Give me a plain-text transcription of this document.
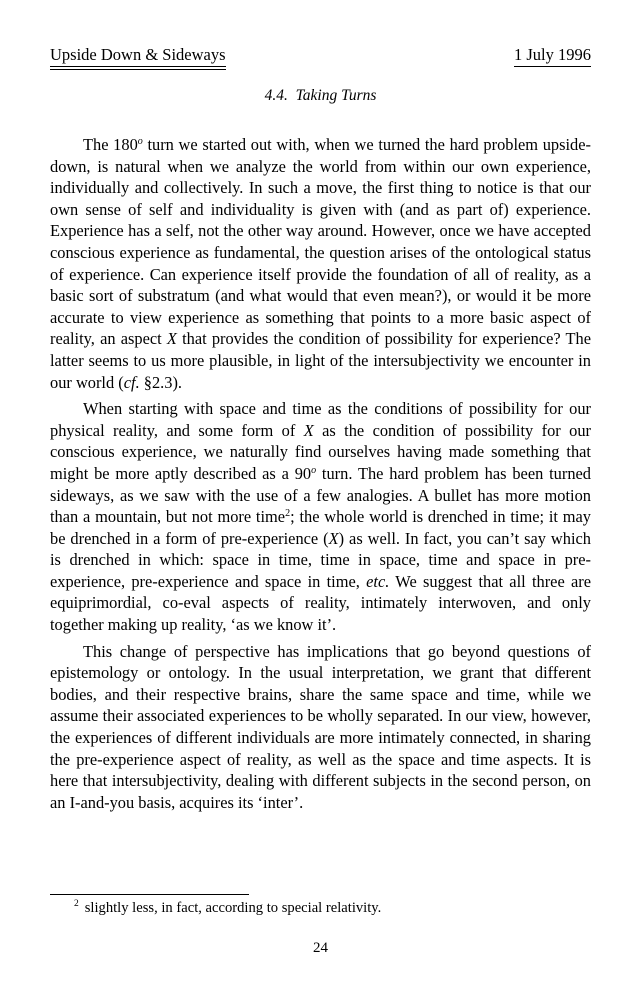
Upside Down & Sideways	1 July 1996
4.4. Taking Turns

The 180$^o$ turn we started out with, when we turned the hard problem upside-down, is natural when we analyze the world from within our own experience, individually and collectively. In such a move, the first thing to notice is that our own sense of self and individuality is given with (and as part of) experience. Experience has a self, not the other way around. However, once we have accepted conscious experience as fundamental, the question arises of the ontological status of experience. Can experience itself provide the foundation of all of reality, as a basic sort of substratum (and what would that even mean?), or would it be more accurate to view experience as something that points to a more basic aspect of reality, an aspect X that provides the condition of possibility for experience? The latter seems to us more plausible, in light of the intersubjectivity we encounter in our world (cf. §2.3).

When starting with space and time as the conditions of possibility for our physical reality, and some form of X as the condition of possibility for our conscious experience, we naturally find ourselves having made something that might be more aptly described as a 90$^o$ turn. The hard problem has been turned sideways, as we saw with the use of a few analogies. A bullet has more motion than a mountain, but not more time$^2$; the whole world is drenched in time; it may be drenched in a form of pre-experience (X) as well. In fact, you can’t say which is drenched in which: space in time, time in space, time and space in pre-experience, pre-experience and space in time, etc. We suggest that all three are equiprimordial, co-eval aspects of reality, intimately interwoven, and only together making up reality, ‘as we know it’.

This change of perspective has implications that go beyond questions of epistemology or ontology. In the usual interpretation, we grant that different bodies, and their respective brains, share the same space and time, while we assume their associated experiences to be wholly separated. In our view, however, the experiences of different individuals are more intimately connected, in sharing the pre-experience aspect of reality, as well as the space and time aspects. It is here that intersubjectivity, dealing with different subjects in the second person, on an I-and-you basis, acquires its ‘inter’.

$^2$ slightly less, in fact, according to special relativity.
24
